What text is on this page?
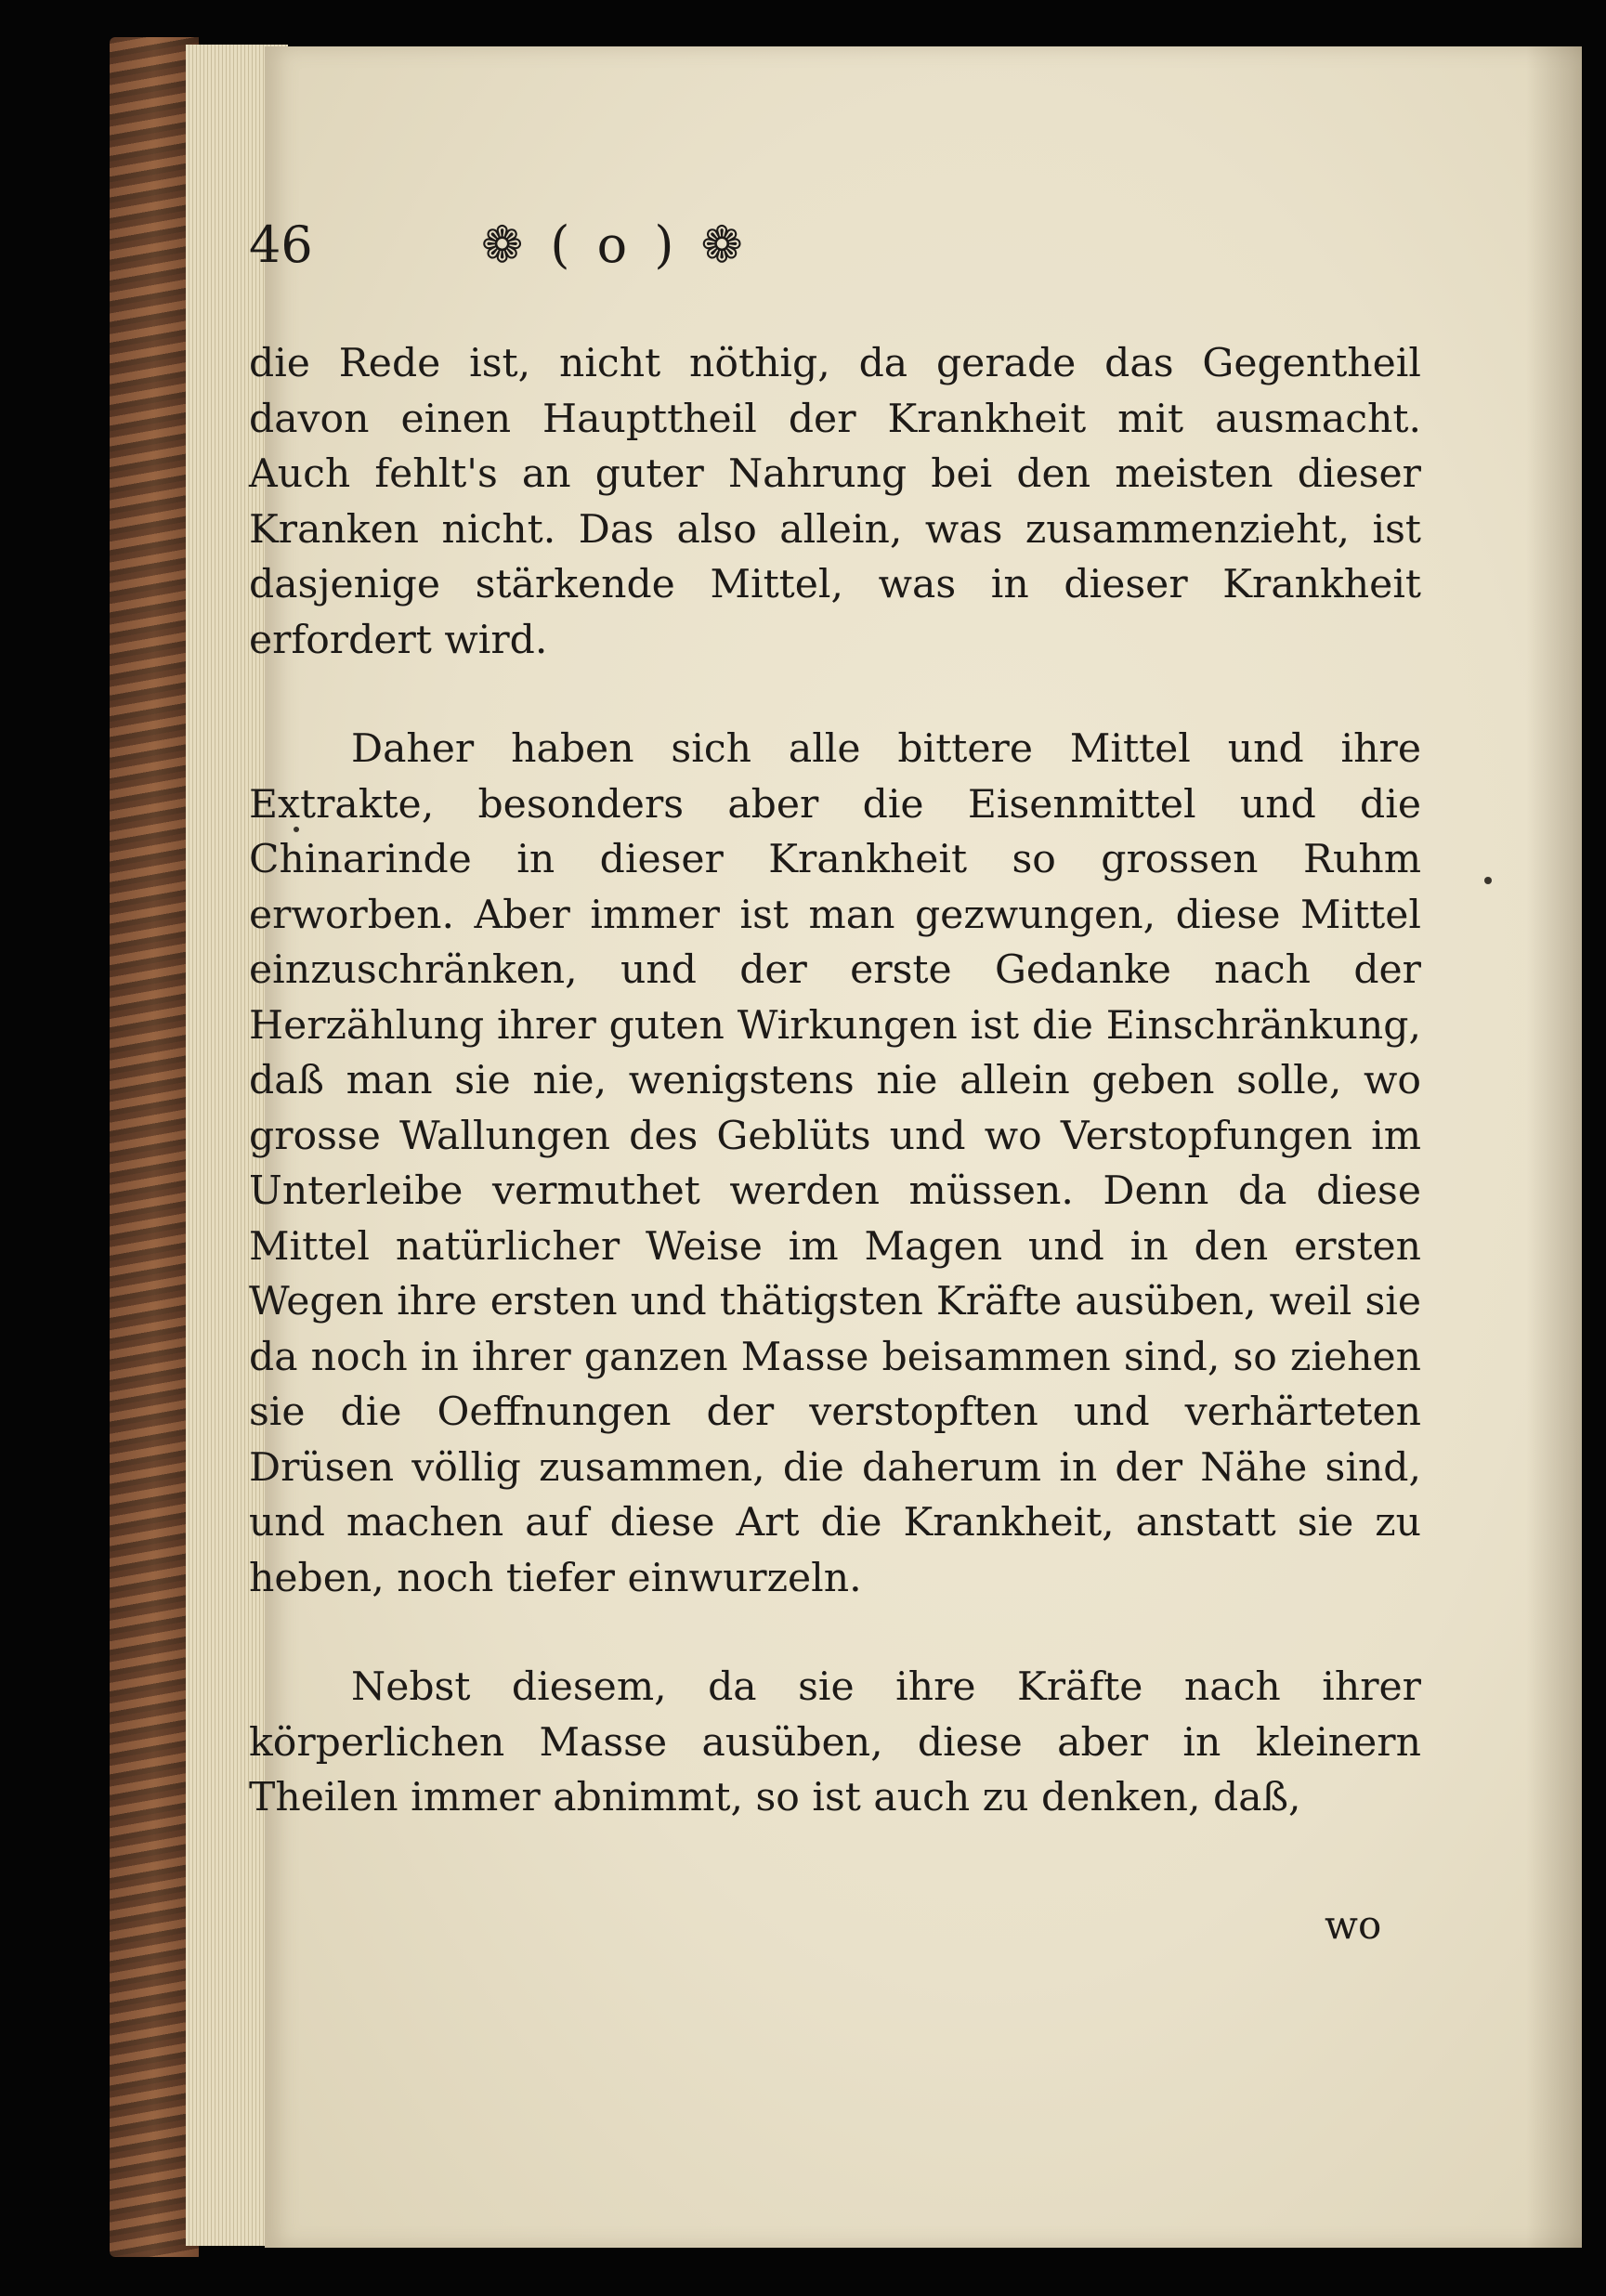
46	❁ ( o ) ❁

die Rede ist, nicht nöthig, da gerade das Gegentheil davon einen Haupttheil der Krankheit mit ausmacht. Auch fehlt's an guter Nahrung bei den meisten dieser Kranken nicht. Das also allein, was zusammenzieht, ist dasjenige stärkende Mittel, was in dieser Krankheit erfordert wird.

Daher haben sich alle bittere Mittel und ihre Extrakte, besonders aber die Eisenmittel und die Chinarinde in dieser Krankheit so grossen Ruhm erworben. Aber immer ist man gezwungen, diese Mittel einzuschränken, und der erste Gedanke nach der Herzählung ihrer guten Wirkungen ist die Einschränkung, daß man sie nie, wenigstens nie allein geben solle, wo grosse Wallungen des Geblüts und wo Verstopfungen im Unterleibe vermuthet werden müssen. Denn da diese Mittel natürlicher Weise im Magen und in den ersten Wegen ihre ersten und thätigsten Kräfte ausüben, weil sie da noch in ihrer ganzen Masse beisammen sind, so ziehen sie die Oeffnungen der verstopften und verhärteten Drüsen völlig zusammen, die daherum in der Nähe sind, und machen auf diese Art die Krankheit, anstatt sie zu heben, noch tiefer einwurzeln.

Nebst diesem, da sie ihre Kräfte nach ihrer körperlichen Masse ausüben, diese aber in kleinern Theilen immer abnimmt, so ist auch zu denken, daß,

wo
